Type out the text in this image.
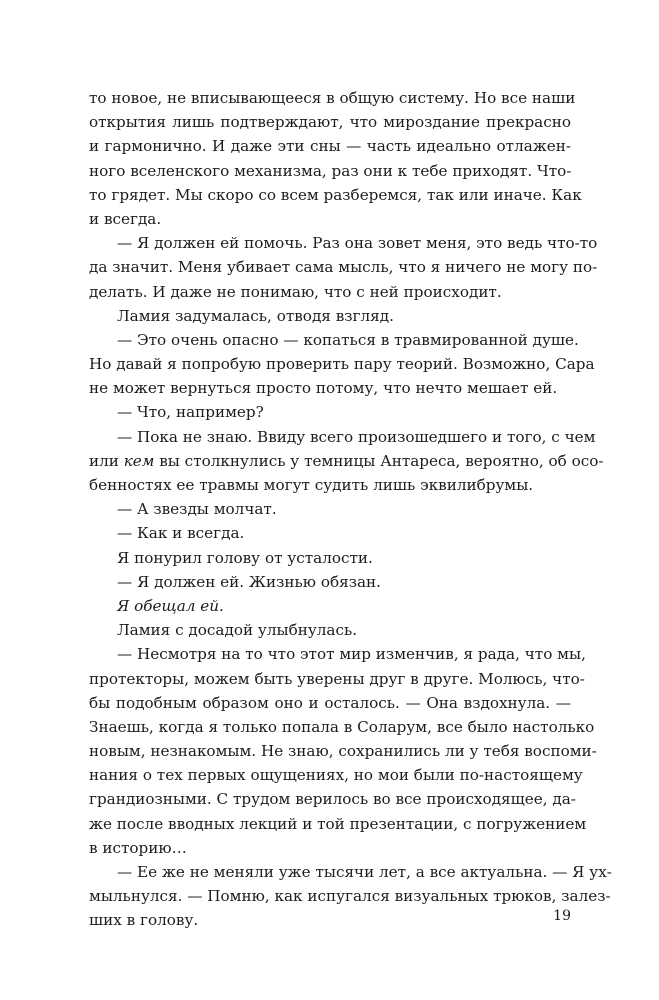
то новое, не вписывающееся в общую систему. Но все наши
открытия лишь подтверждают, что мироздание прекрасно
и гармонично. И даже эти сны — часть идеально отлажен-
ного вселенского механизма, раз они к тебе приходят. Что-
то грядет. Мы скоро со всем разберемся, так или иначе. Как
и всегда.
— Я должен ей помочь. Раз она зовет меня, это ведь что-то
да значит. Меня убивает сама мысль, что я ничего не могу по-
делать. И даже не понимаю, что с ней происходит.
Ламия задумалась, отводя взгляд.
— Это очень опасно — копаться в травмированной душе.
Но давай я попробую проверить пару теорий. Возможно, Сара
не может вернуться просто потому, что нечто мешает ей.
— Что, например?
— Пока не знаю. Ввиду всего произошедшего и того, с чем
или кем вы столкнулись у темницы Антареса, вероятно, об осо-
бенностях ее травмы могут судить лишь эквилибрумы.
— А звезды молчат.
— Как и всегда.
Я понурил голову от усталости.
— Я должен ей. Жизнью обязан.
Я обещал ей.
Ламия с досадой улыбнулась.
— Несмотря на то что этот мир изменчив, я рада, что мы,
протекторы, можем быть уверены друг в друге. Молюсь, что-
бы подобным образом оно и осталось. — Она вздохнула. —
Знаешь, когда я только попала в Соларум, все было настолько
новым, незнакомым. Не знаю, сохранились ли у тебя воспоми-
нания о тех первых ощущениях, но мои были по-настоящему
грандиозными. С трудом верилось во все происходящее, да-
же после вводных лекций и той презентации, с погружением
в историю…
— Ее же не меняли уже тысячи лет, а все актуальна. — Я ух-
мыльнулся. — Помню, как испугался визуальных трюков, залез-
ших в голову.	19
